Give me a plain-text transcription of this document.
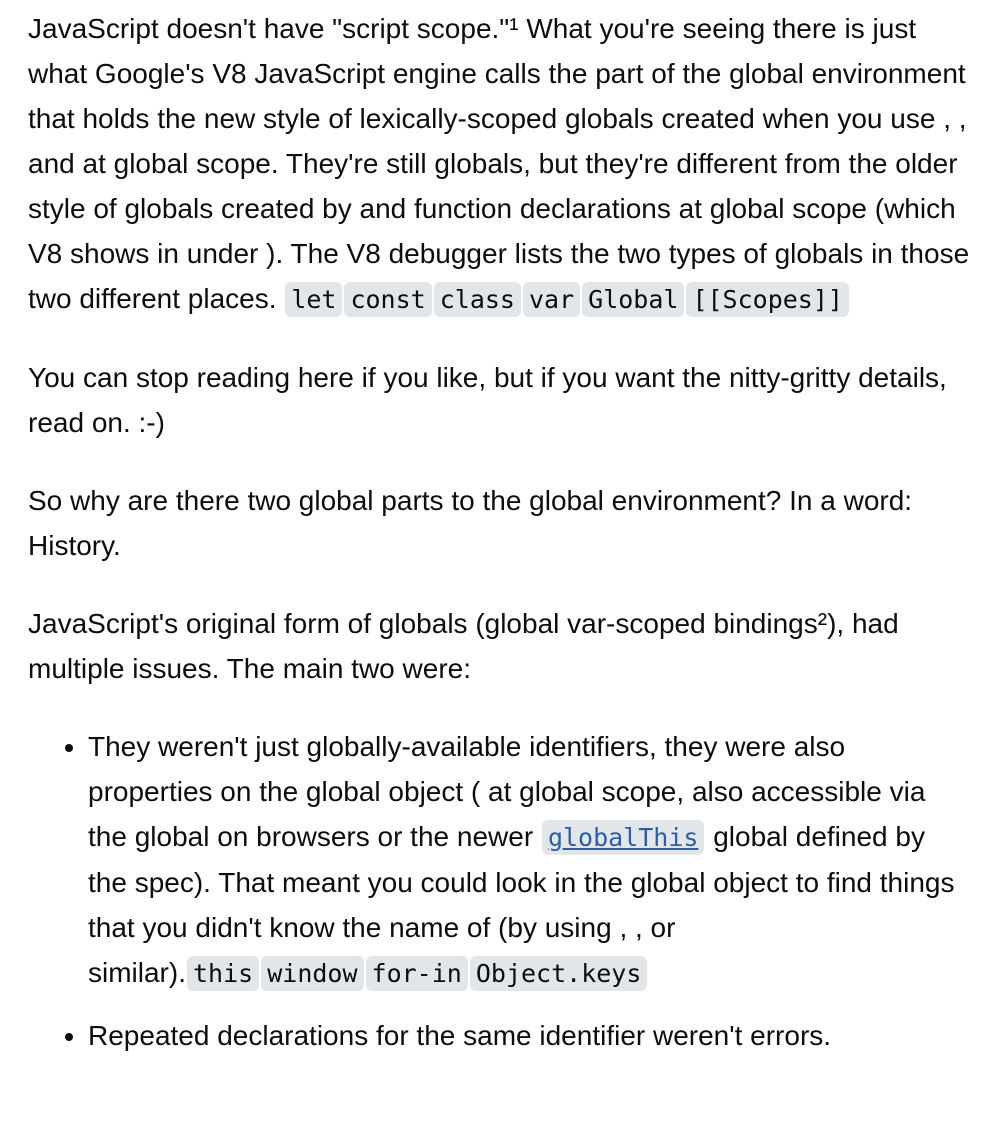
JavaScript doesn't have "script scope."¹ What you're seeing there is just what Google's V8 JavaScript engine calls the part of the global environment that holds the new style of lexically-scoped globals created when you use , , and at global scope. They're still globals, but they're different from the older style of globals created by and function declarations at global scope (which V8 shows in under ). The V8 debugger lists the two types of globals in those two different places. let const class var Global [[Scopes]]

You can stop reading here if you like, but if you want the nitty-gritty details, read on. :-)

So why are there two global parts to the global environment? In a word: History.

JavaScript's original form of globals (global var-scoped bindings²), had multiple issues. The main two were:

• They weren't just globally-available identifiers, they were also properties on the global object ( at global scope, also accessible via the global on browsers or the newer globalThis global defined by the spec). That meant you could look in the global object to find things that you didn't know the name of (by using , , or similar). this window for-in Object.keys
• Repeated declarations for the same identifier weren't errors.
